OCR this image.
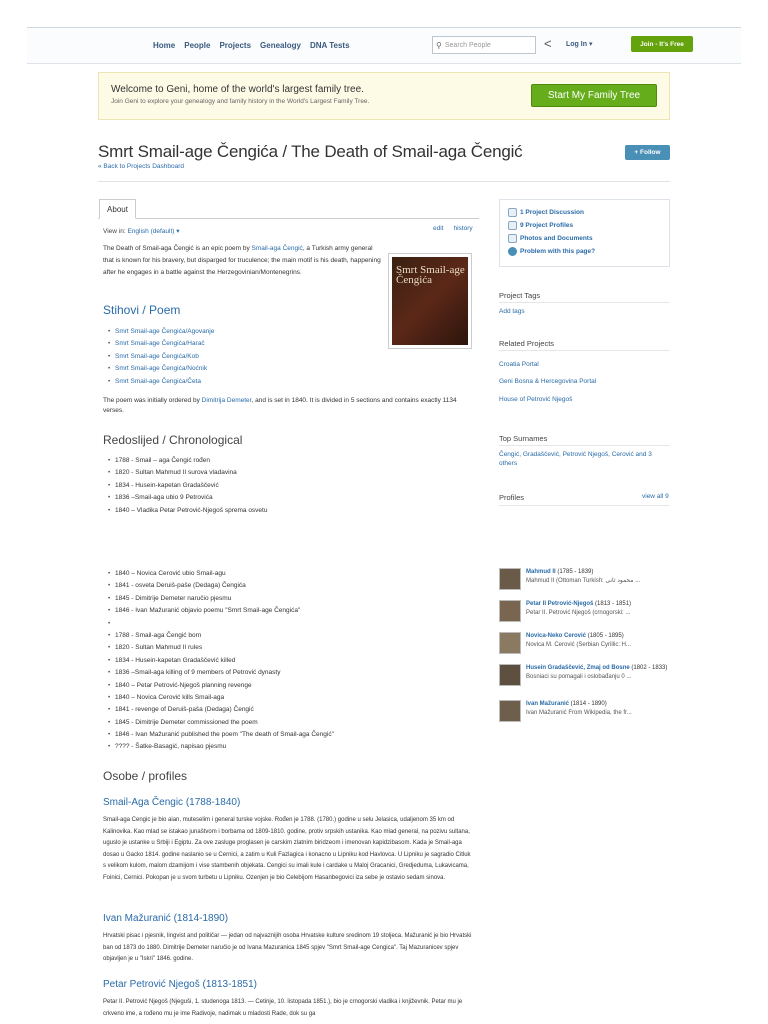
Home People Projects Genealogy DNA Tests	⚲ Search People	< Log In ▾	Join - It's Free
Welcome to Geni, home of the world's largest family tree.
Join Geni to explore your genealogy and family history in the World's Largest Family Tree.
Start My Family Tree
Smrt Smail-age Čengića / The Death of Smail-aga Čengić
« Back to Projects Dashboard
+ Follow
About
View in: English (default) ▾	edit history
The Death of Smail-aga Čengić is an epic poem by Smail-aga Čengić, a Turkish army general that is known for his bravery, but disparged for truculence; the main motif is his death, happening after he engages in a battle against the Herzegovinian/Montenegrins.	Smrt Smail-age Čengića
Stihovi / Poem
• Smrt Smail-age Čengića/Agovanje
• Smrt Smail-age Čengića/Harač
• Smrt Smail-age Čengića/Kob
• Smrt Smail-age Čengića/Noćnik
• Smrt Smail-age Čengića/Četa
The poem was initially ordered by Dimitrija Demeter, and is set in 1840. It is divided in 5 sections and contains exactly 1134 verses.
Redoslijed / Chronological
• 1788 - Smail – aga Čengić rođen
• 1820 - Sultan Mahmud II surova vladavina
• 1834 - Husein-kapetan Gradaščević
• 1836 –Smail-aga ubio 9 Petrovića
• 1840 – Vladika Petar Petrović-Njegoš sprema osvetu
• 1840 – Novica Cerović ubio Smail-agu
• 1841 - osveta Deruiš-paše (Dedaga) Čengića
• 1845 - Dimitrije Demeter naručio pjesmu
• 1846 - Ivan Mažuranić objavio poemu "Smrt Smail-age Čengića"
•
• 1788 - Smail-aga Čengić born
• 1820 - Sultan Mahmud II rules
• 1834 - Husein-kapetan Gradaščević killed
• 1836 –Smail-aga killing of 9 members of Petrović dynasty
• 1840 – Petar Petrović-Njegoš planning revenge
• 1840 – Novica Cerović kills Smail-aga
• 1841 - revenge of Deruiš-paša (Dedaga) Čengić
• 1845 - Dimitrije Demeter commissioned the poem
• 1846 - Ivan Mažuranić published the poem "The death of Smail-aga Čengić"
• ???? - Šatke-Basagić, napisao pjesmu
Osobe / profiles
Smail-Aga Čengic (1788-1840)
Smail-aga Cengic je bio aian, muteselim i general turske vojske. Rođen je 1788. (1780.) godine u selu Jelasica, udaljenom 35 km od Kalinovika. Kao mlad se istakao junaštvom i borbama od 1809-1810. godine, protiv srpskih ustanika. Kao mlad general, na pozivu sultana, uguslo je ustanke u Srbiji i Egiptu. Za ove zasluge proglasen je carskim zlatnim biridzeom i imenovan kapidzibasom. Kada je Smail-aga dosao u Gacko 1814. godine naslanio se u Cernici, a zatim u Kuli Fazlagica i konacno u Lipniku kod Havlovca. U Lipniku je sagradio Citluk s velikom kulom, malom dzamijom i vise stambenih objekata. Cengici su imali kule i cardake u Maloj Gracanici, Gredjeduma, Lukavicama, Foinici, Cernici. Pokopan je u svom turbetu u Lipniku. Ozenjen je bio Celebijom Hasanbegovici iza sebe je ostavio sedam sinova.
Ivan Mažuranić (1814-1890)
Hrvatski pisac i pjesnik, lingvist and političar — jedan od najvaznijih osoba Hrvatske kulture sredinom 19 stoljeca. Mažuranić je bio Hrvatski ban od 1873 do 1880. Dimitrije Demeter naručio je od Ivana Mazuranica 1845 spjev "Smrt Smail-age Cengica". Taj Mazuranicev spjev objavljen je u "Iskri" 1846. godine.
Petar Petrović Njegoš (1813-1851)
Petar II. Petrović Njegoš (Njeguši, 1. studenoga 1813. — Cetinje, 10. listopada 1851.), bio je crnogorski vladika i književnik. Petar mu je crkveno ime, a rođeno mu je ime Radivoje, nadimak u mladosti Rade, dok su ga
1 Project Discussion
9 Project Profiles
Photos and Documents
Problem with this page?
Project Tags
Add tags
Related Projects
Croatia Portal
Geni Bosna & Hercegovina Portal
House of Petrović Njegoš
Top Surnames
Čengić, Gradaščević, Petrović Njegoš, Cerović and 3 others
Profiles	view all 9
Mahmud II (1785 - 1839)
Mahmud II (Ottoman Turkish: محمود ثانی ...
Petar II Petrović-Njegoš (1813 - 1851)
Petar II. Petrović Njegoš (crnogorski: ...
Novica-Neko Cerović (1805 - 1895)
Novica M. Cerović (Serbian Cyrillic: Н...
Husein Gradaščević, Zmaj od Bosne (1802 - 1833)
Bosniaci su pomagali i oslobađanju 0 ...
Ivan Mažuranić (1814 - 1890)
Ivan Mažuranić From Wikipedia, the fr...
